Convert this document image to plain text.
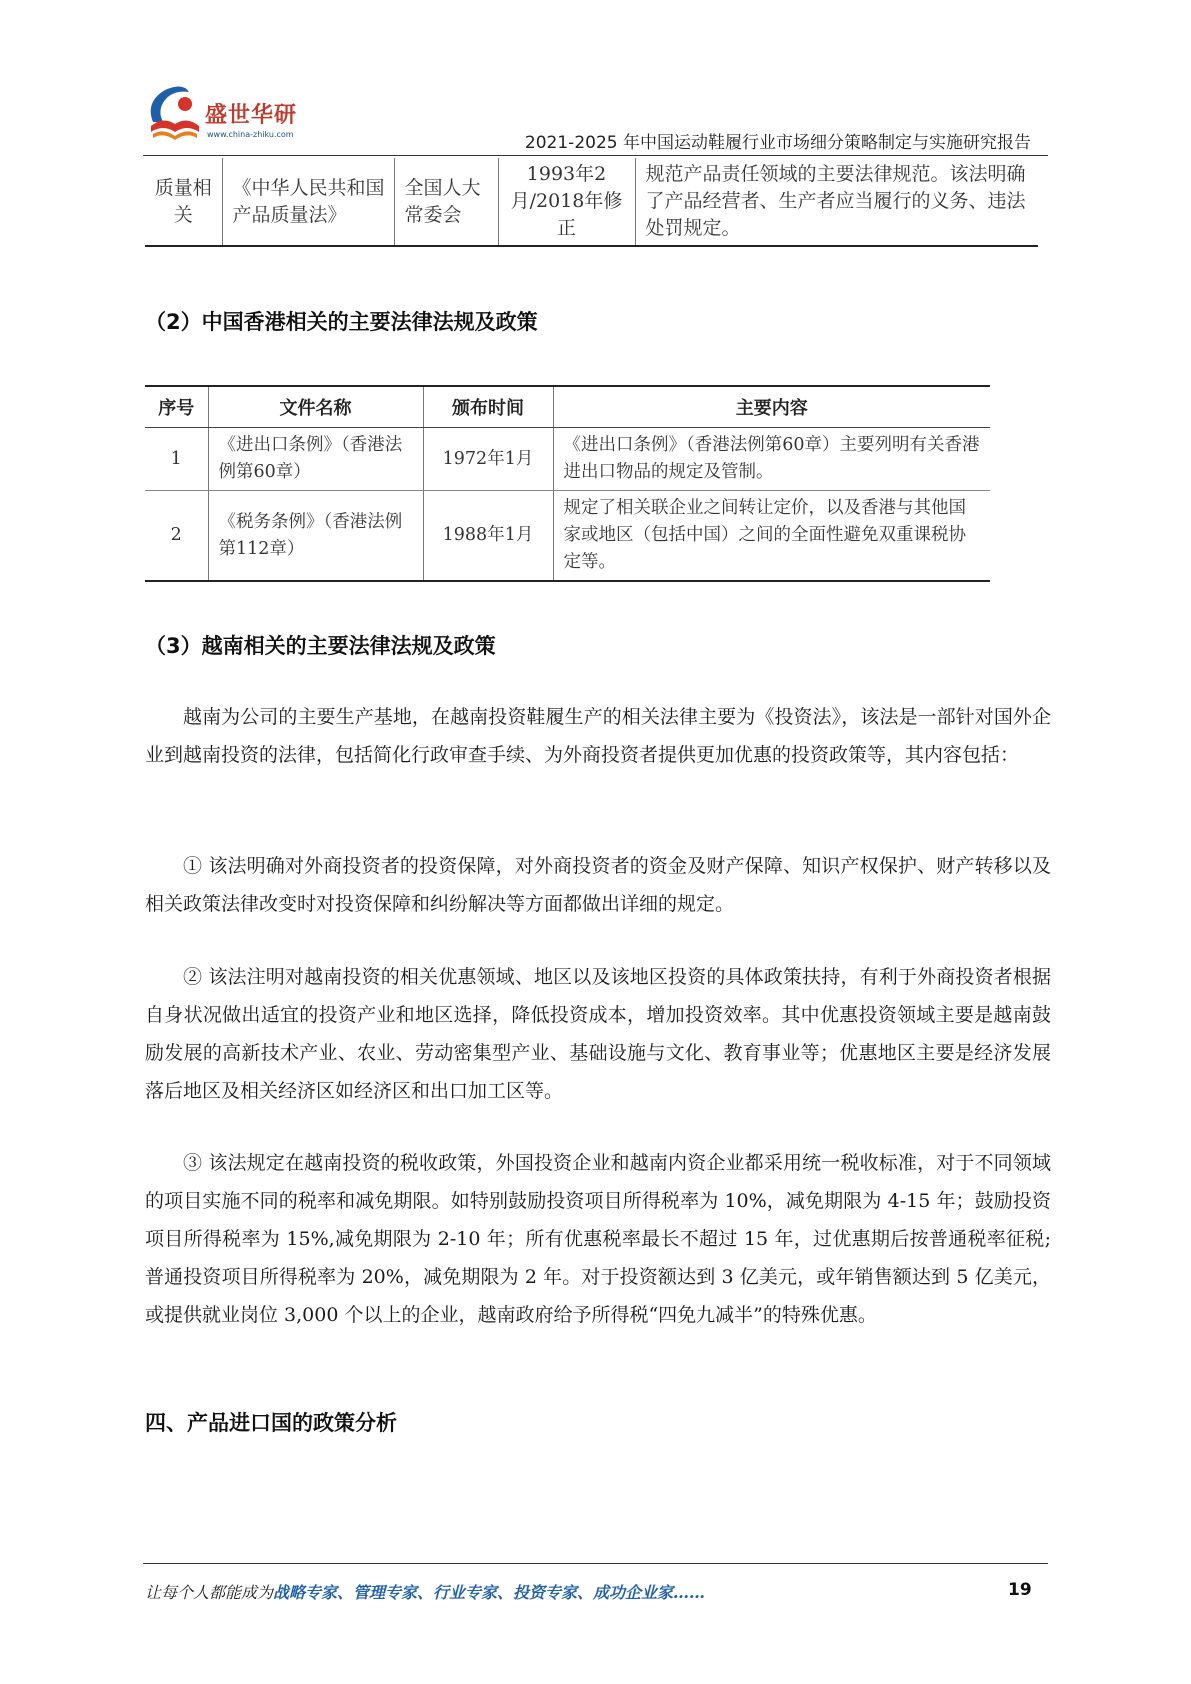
盛世华研
www.china-zhiku.com	2021-2025 年中国运动鞋履行业市场细分策略制定与实施研究报告
质量相关	《中华人民共和国产品质量法》	全国人大常委会	1993年2月/2018年修正	规范产品责任领域的主要法律规范。该法明确了产品经营者、生产者应当履行的义务、违法处罚规定。
（2）中国香港相关的主要法律法规及政策
序号	文件名称	颁布时间	主要内容
1	《进出口条例》（香港法例第60章）	1972年1月	《进出口条例》（香港法例第60章）主要列明有关香港进出口物品的规定及管制。
2	《税务条例》（香港法例第112章）	1988年1月	规定了相关联企业之间转让定价，以及香港与其他国家或地区（包括中国）之间的全面性避免双重课税协定等。
（3）越南相关的主要法律法规及政策

越南为公司的主要生产基地，在越南投资鞋履生产的相关法律主要为《投资法》，该法是一部针对国外企业到越南投资的法律，包括简化行政审查手续、为外商投资者提供更加优惠的投资政策等，其内容包括：

① 该法明确对外商投资者的投资保障，对外商投资者的资金及财产保障、知识产权保护、财产转移以及相关政策法律改变时对投资保障和纠纷解决等方面都做出详细的规定。

② 该法注明对越南投资的相关优惠领域、地区以及该地区投资的具体政策扶持，有利于外商投资者根据自身状况做出适宜的投资产业和地区选择，降低投资成本，增加投资效率。其中优惠投资领域主要是越南鼓励发展的高新技术产业、农业、劳动密集型产业、基础设施与文化、教育事业等；优惠地区主要是经济发展落后地区及相关经济区如经济区和出口加工区等。

③ 该法规定在越南投资的税收政策，外国投资企业和越南内资企业都采用统一税收标准，对于不同领域的项目实施不同的税率和减免期限。如特别鼓励投资项目所得税率为 10%，减免期限为 4-15 年；鼓励投资项目所得税率为 15%,减免期限为 2-10 年；所有优惠税率最长不超过 15 年，过优惠期后按普通税率征税;普通投资项目所得税率为 20%，减免期限为 2 年。对于投资额达到 3 亿美元，或年销售额达到 5 亿美元，或提供就业岗位 3,000 个以上的企业，越南政府给予所得税“四免九减半”的特殊优惠。

四、产品进口国的政策分析
让每个人都能成为战略专家、管理专家、行业专家、投资专家、成功企业家……	19
